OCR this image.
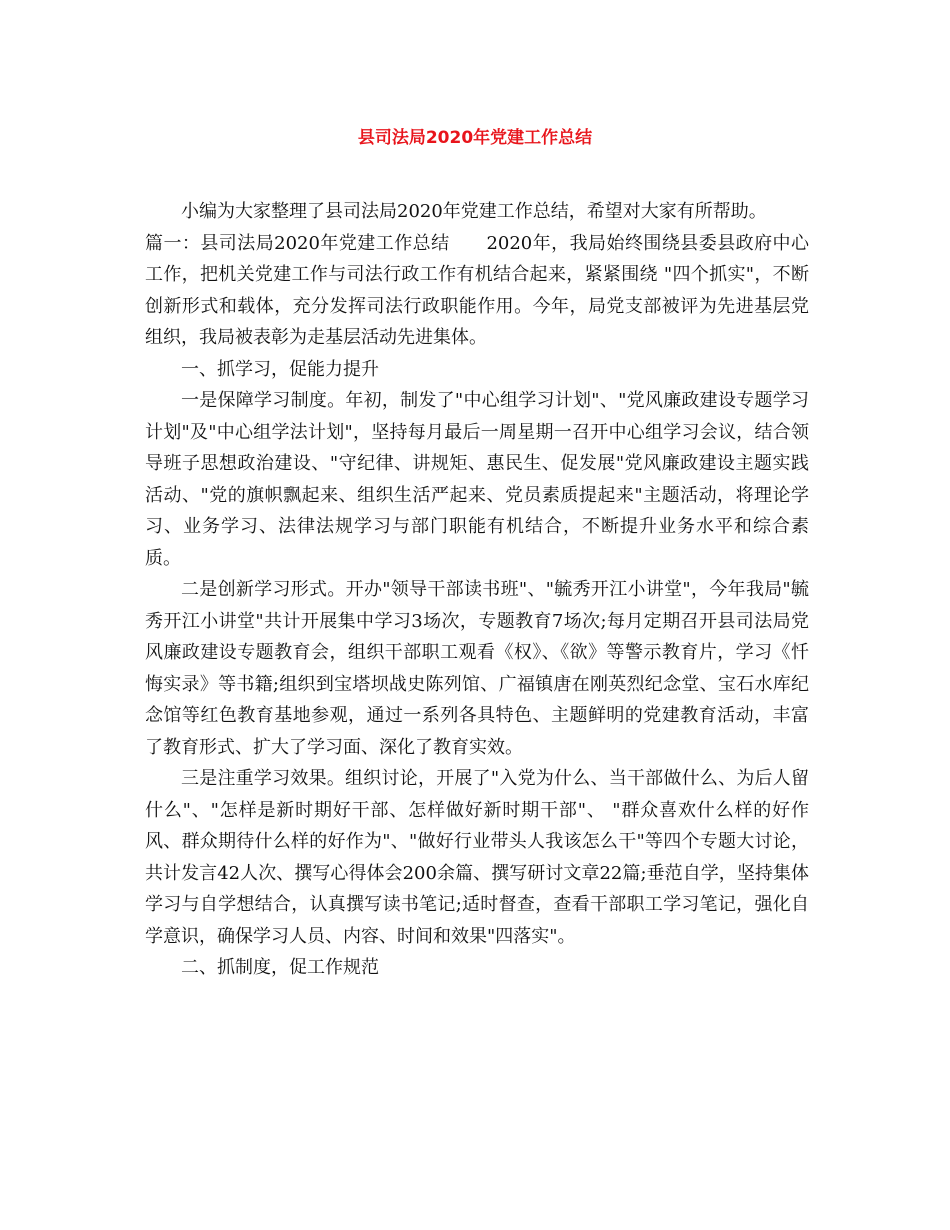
县司法局2020年党建工作总结

小编为大家整理了县司法局2020年党建工作总结，希望对大家有所帮助。

篇一：县司法局2020年党建工作总结　　2020年，我局始终围绕县委县政府中心工作，把机关党建工作与司法行政工作有机结合起来，紧紧围绕 "四个抓实"，不断创新形式和载体，充分发挥司法行政职能作用。今年，局党支部被评为先进基层党组织，我局被表彰为走基层活动先进集体。

一、抓学习，促能力提升

一是保障学习制度。年初，制发了"中心组学习计划"、"党风廉政建设专题学习计划"及"中心组学法计划"，坚持每月最后一周星期一召开中心组学习会议，结合领导班子思想政治建设、"守纪律、讲规矩、惠民生、促发展"党风廉政建设主题实践活动、"党的旗帜飘起来、组织生活严起来、党员素质提起来"主题活动，将理论学习、业务学习、法律法规学习与部门职能有机结合，不断提升业务水平和综合素质。

二是创新学习形式。开办"领导干部读书班"、"毓秀开江小讲堂"，今年我局"毓秀开江小讲堂"共计开展集中学习3场次，专题教育7场次;每月定期召开县司法局党风廉政建设专题教育会，组织干部职工观看《权》、《欲》等警示教育片，学习《忏悔实录》等书籍;组织到宝塔坝战史陈列馆、广福镇唐在刚英烈纪念堂、宝石水库纪念馆等红色教育基地参观，通过一系列各具特色、主题鲜明的党建教育活动，丰富了教育形式、扩大了学习面、深化了教育实效。

三是注重学习效果。组织讨论，开展了"入党为什么、当干部做什么、为后人留什么"、"怎样是新时期好干部、怎样做好新时期干部"、 "群众喜欢什么样的好作风、群众期待什么样的好作为"、"做好行业带头人我该怎么干"等四个专题大讨论，共计发言42人次、撰写心得体会200余篇、撰写研讨文章22篇;垂范自学，坚持集体学习与自学想结合，认真撰写读书笔记;适时督查，查看干部职工学习笔记，强化自学意识，确保学习人员、内容、时间和效果"四落实"。

二、抓制度，促工作规范
